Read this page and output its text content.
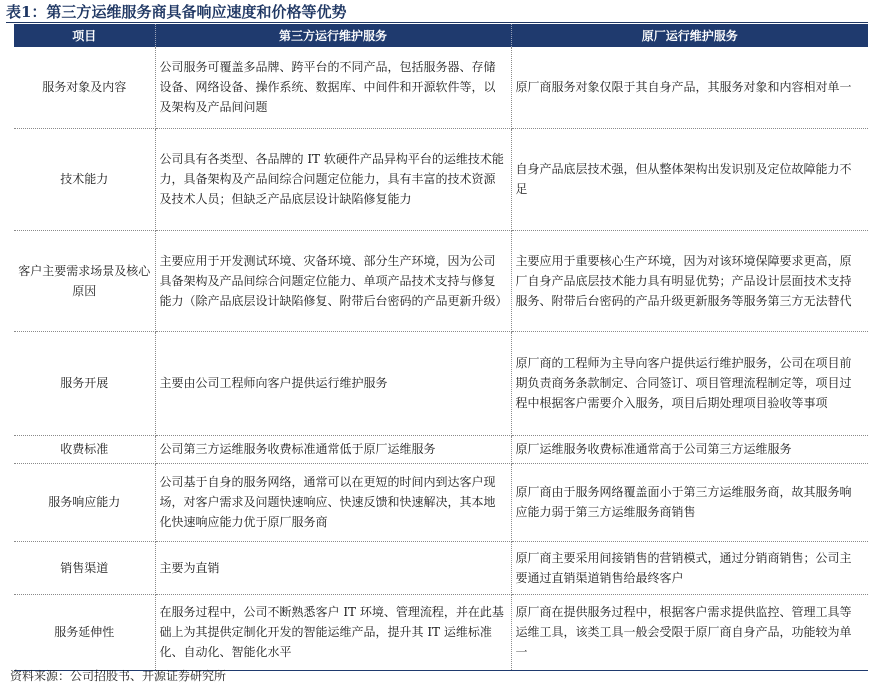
表1：第三方运维服务商具备响应速度和价格等优势
项目	第三方运行维护服务	原厂运行维护服务
服务对象及内容	公司服务可覆盖多品牌、跨平台的不同产品，包括服务器、存储设备、网络设备、操作系统、数据库、中间件和开源软件等，以及架构及产品间问题	原厂商服务对象仅限于其自身产品，其服务对象和内容相对单一
技术能力	公司具有各类型、各品牌的 IT 软硬件产品异构平台的运维技术能力，具备架构及产品间综合问题定位能力，具有丰富的技术资源及技术人员；但缺乏产品底层设计缺陷修复能力	自身产品底层技术强，但从整体架构出发识别及定位故障能力不足
客户主要需求场景及核心原因	主要应用于开发测试环境、灾备环境、部分生产环境，因为公司具备架构及产品间综合问题定位能力、单项产品技术支持与修复能力（除产品底层设计缺陷修复、附带后台密码的产品更新升级）	主要应用于重要核心生产环境，因为对该环境保障要求更高，原厂自身产品底层技术能力具有明显优势；产品设计层面技术支持服务、附带后台密码的产品升级更新服务等服务第三方无法替代
服务开展	主要由公司工程师向客户提供运行维护服务	原厂商的工程师为主导向客户提供运行维护服务，公司在项目前期负责商务条款制定、合同签订、项目管理流程制定等，项目过程中根据客户需要介入服务，项目后期处理项目验收等事项
收费标准	公司第三方运维服务收费标准通常低于原厂运维服务	原厂运维服务收费标准通常高于公司第三方运维服务
服务响应能力	公司基于自身的服务网络，通常可以在更短的时间内到达客户现场，对客户需求及问题快速响应、快速反馈和快速解决，其本地化快速响应能力优于原厂服务商	原厂商由于服务网络覆盖面小于第三方运维服务商，故其服务响应能力弱于第三方运维服务商销售
销售渠道	主要为直销	原厂商主要采用间接销售的营销模式，通过分销商销售；公司主要通过直销渠道销售给最终客户
服务延伸性	在服务过程中，公司不断熟悉客户 IT 环境、管理流程，并在此基础上为其提供定制化开发的智能运维产品，提升其 IT 运维标准化、自动化、智能化水平	原厂商在提供服务过程中，根据客户需求提供监控、管理工具等运维工具，该类工具一般会受限于原厂商自身产品，功能较为单一
资料来源：公司招股书、开源证券研究所
